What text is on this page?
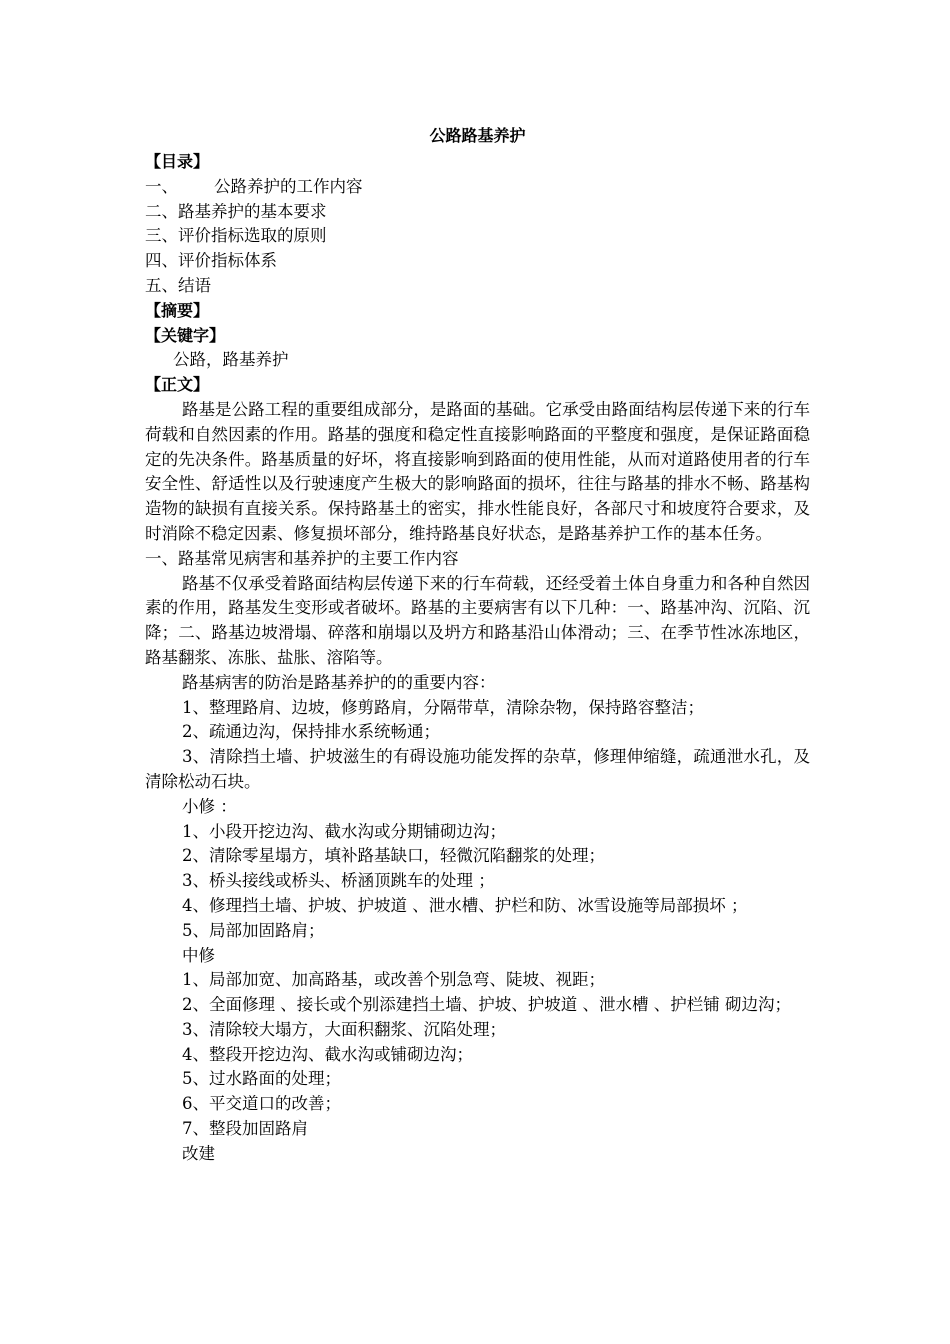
公路路基养护
【目录】
一、 公路养护的工作内容
二、路基养护的基本要求
三、评价指标选取的原则
四、评价指标体系
五、结语
【摘要】
【关键字】
公路，路基养护
【正文】
路基是公路工程的重要组成部分，是路面的基础。它承受由路面结构层传递下来的行车荷载和自然因素的作用。路基的强度和稳定性直接影响路面的平整度和强度，是保证路面稳定的先决条件。路基质量的好坏，将直接影响到路面的使用性能，从而对道路使用者的行车安全性、舒适性以及行驶速度产生极大的影响路面的损坏，往往与路基的排水不畅、路基构造物的缺损有直接关系。保持路基土的密实，排水性能良好，各部尺寸和坡度符合要求，及时消除不稳定因素、修复损坏部分，维持路基良好状态，是路基养护工作的基本任务。
一、路基常见病害和基养护的主要工作内容
路基不仅承受着路面结构层传递下来的行车荷载，还经受着土体自身重力和各种自然因素的作用，路基发生变形或者破坏。路基的主要病害有以下几种：一、路基冲沟、沉陷、沉降；二、路基边坡滑塌、碎落和崩塌以及坍方和路基沿山体滑动；三、在季节性冰冻地区，路基翻浆、冻胀、盐胀、溶陷等。
路基病害的防治是路基养护的的重要内容：
1、整理路肩、边坡，修剪路肩，分隔带草，清除杂物，保持路容整洁；
2、疏通边沟，保持排水系统畅通；
3、清除挡土墙、护坡滋生的有碍设施功能发挥的杂草，修理伸缩缝，疏通泄水孔，及清除松动石块。
小修 ：
1、小段开挖边沟、截水沟或分期铺砌边沟；
2、清除零星塌方，填补路基缺口，轻微沉陷翻浆的处理；
3、桥头接线或桥头、桥涵顶跳车的处理 ；
4、修理挡土墙、护坡、护坡道 、泄水槽、护栏和防、冰雪设施等局部损坏 ；
5、局部加固路肩；
中修
1、局部加宽、加高路基，或改善个别急弯、陡坡、视距；
2、全面修理 、接长或个别添建挡土墙、护坡、护坡道 、泄水槽 、护栏铺 砌边沟；
3、清除较大塌方，大面积翻浆、沉陷处理；
4、整段开挖边沟、截水沟或铺砌边沟；
5、过水路面的处理；
6、平交道口的改善；
7、整段加固路肩
改建
